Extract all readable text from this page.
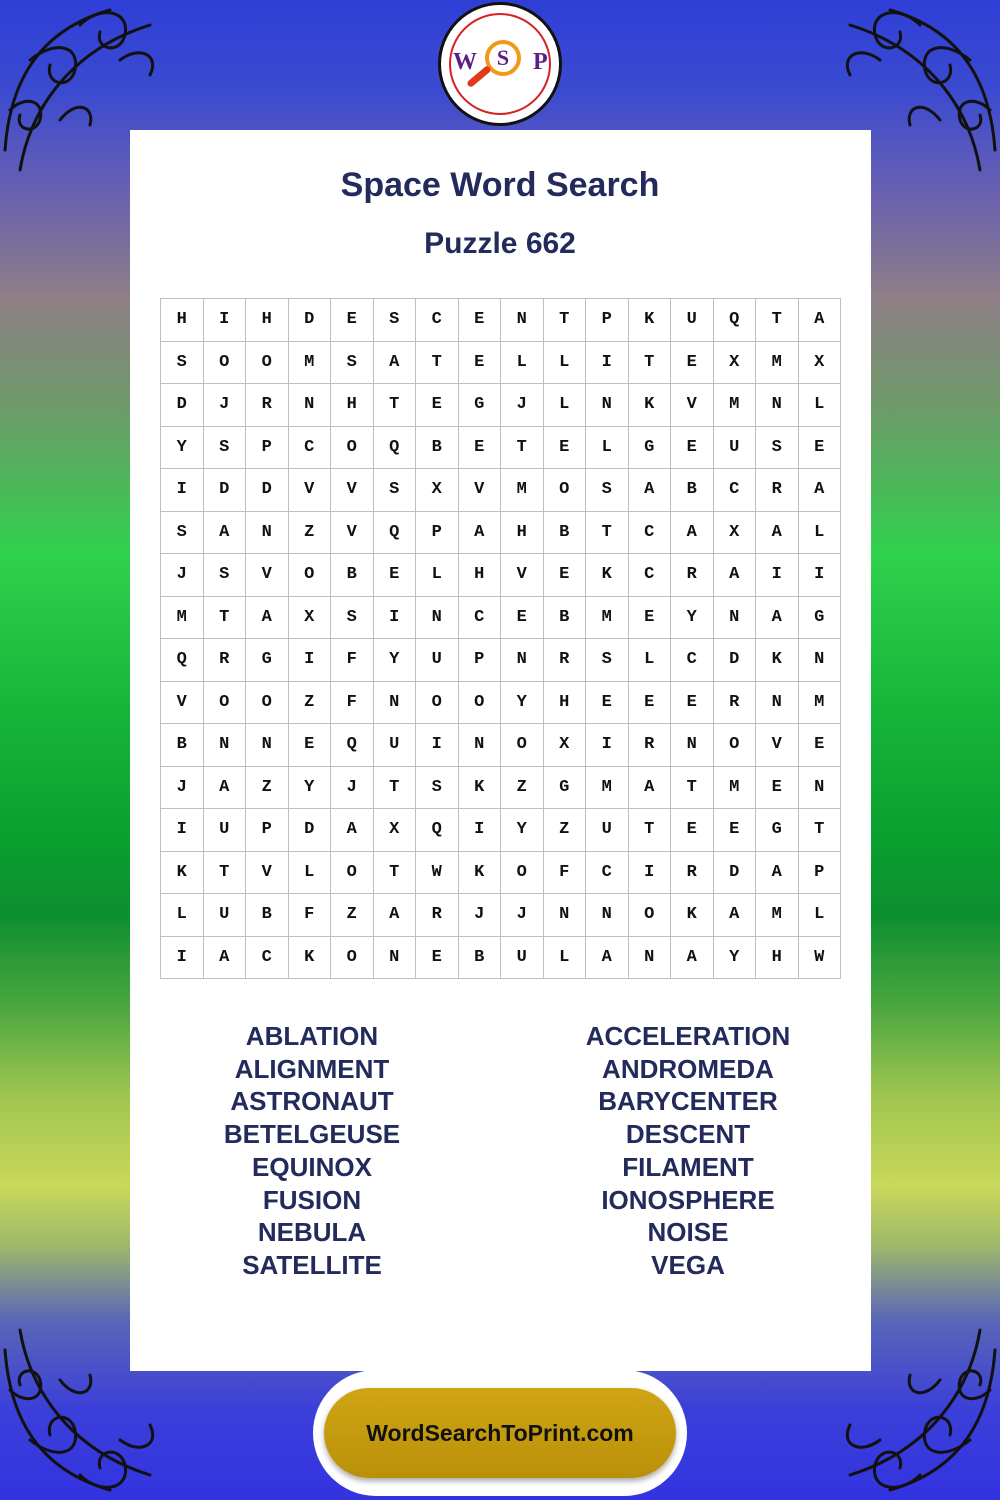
W S P
Space Word Search
Puzzle 662
H	I	H	D	E	S	C	E	N	T	P	K	U	Q	T	A
S	O	O	M	S	A	T	E	L	L	I	T	E	X	M	X
D	J	R	N	H	T	E	G	J	L	N	K	V	M	N	L
Y	S	P	C	O	Q	B	E	T	E	L	G	E	U	S	E
I	D	D	V	V	S	X	V	M	O	S	A	B	C	R	A
S	A	N	Z	V	Q	P	A	H	B	T	C	A	X	A	L
J	S	V	O	B	E	L	H	V	E	K	C	R	A	I	I
M	T	A	X	S	I	N	C	E	B	M	E	Y	N	A	G
Q	R	G	I	F	Y	U	P	N	R	S	L	C	D	K	N
V	O	O	Z	F	N	O	O	Y	H	E	E	E	R	N	M
B	N	N	E	Q	U	I	N	O	X	I	R	N	O	V	E
J	A	Z	Y	J	T	S	K	Z	G	M	A	T	M	E	N
I	U	P	D	A	X	Q	I	Y	Z	U	T	E	E	G	T
K	T	V	L	O	T	W	K	O	F	C	I	R	D	A	P
L	U	B	F	Z	A	R	J	J	N	N	O	K	A	M	L
I	A	C	K	O	N	E	B	U	L	A	N	A	Y	H	W
ABLATION
ALIGNMENT
ASTRONAUT
BETELGEUSE
EQUINOX
FUSION
NEBULA
SATELLITE
ACCELERATION
ANDROMEDA
BARYCENTER
DESCENT
FILAMENT
IONOSPHERE
NOISE
VEGA
WordSearchToPrint.com
